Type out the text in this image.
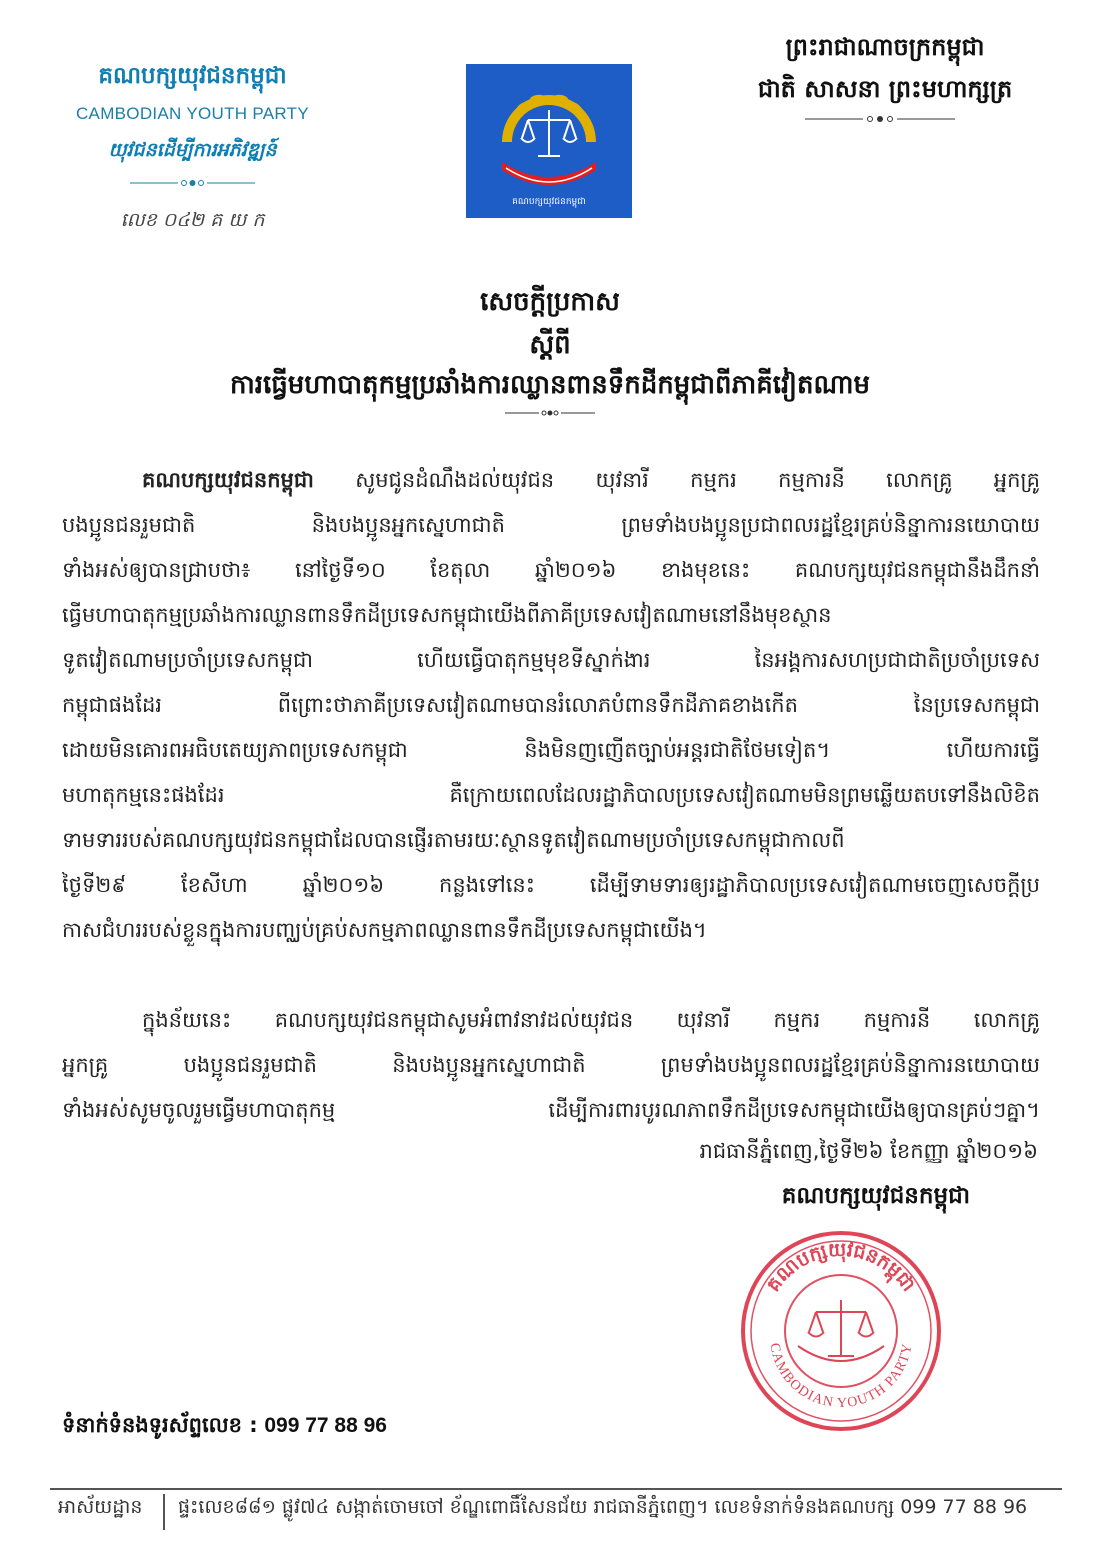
គណបក្សយុវជនកម្ពុជា
CAMBODIAN YOUTH PARTY
យុវជនដើម្បីការអភិវឌ្ឍន៍
លេខ ០៤២ គ យ ក
គណបក្សយុវជនកម្ពុជា
ព្រះរាជាណាចក្រកម្ពុជា
ជាតិ សាសនា ព្រះមហាក្សត្រ
សេចក្តីប្រកាស
ស្តីពី
ការធ្វើមហាបាតុកម្មប្រឆាំងការឈ្លានពានទឹកដីកម្ពុជាពីភាគីវៀតណាម
គណបក្សយុវជនកម្ពុជា សូមជូនដំណឹងដល់យុវជន យុវនារី កម្មករ កម្មការនី លោកគ្រូ អ្នកគ្រូ
បងប្អូនជនរួមជាតិ និងបងប្អូនអ្នកស្នេហាជាតិ ព្រមទាំងបងប្អូនប្រជាពលរដ្ឋខ្មែរគ្រប់និន្នាការនយោបាយ
ទាំងអស់ឲ្យបានជ្រាបថា៖ នៅថ្ងៃទី១០ ខែតុលា ឆ្នាំ២០១៦ ខាងមុខនេះ គណបក្សយុវជនកម្ពុជានឹងដឹកនាំ
ធ្វើមហាបាតុកម្មប្រឆាំងការឈ្លានពានទឹកដីប្រទេសកម្ពុជាយើងពីភាគីប្រទេសវៀតណាមនៅនឹងមុខស្ថាន
ទូតវៀតណាមប្រចាំប្រទេសកម្ពុជា ហើយធ្វើបាតុកម្មមុខទីស្នាក់ងារ នៃអង្គការសហប្រជាជាតិប្រចាំប្រទេស
កម្ពុជាផងដែរ ពីព្រោះថាភាគីប្រទេសវៀតណាមបានរំលោភបំពានទឹកដីភាគខាងកើត នៃប្រទេសកម្ពុជា
ដោយមិនគោរពអធិបតេយ្យភាពប្រទេសកម្ពុជា និងមិនញញើតច្បាប់អន្តរជាតិថែមទៀត។ ហើយការធ្វើ
មហាតុកម្មនេះផងដែរ គឺក្រោយពេលដែលរដ្ឋាភិបាលប្រទេសវៀតណាមមិនព្រមឆ្លើយតបទៅនឹងលិខិត
ទាមទាររបស់គណបក្សយុវជនកម្ពុជាដែលបានផ្ញើរតាមរយៈស្ថានទូតវៀតណាមប្រចាំប្រទេសកម្ពុជាកាលពី
ថ្ងៃទី២៩ ខែសីហា ឆ្នាំ២០១៦ កន្លងទៅនេះ ដើម្បីទាមទារឲ្យរដ្ឋាភិបាលប្រទេសវៀតណាមចេញសេចក្តីប្រ
កាសជំហររបស់ខ្លួនក្នុងការបញ្ឈប់គ្រប់សកម្មភាពឈ្លានពានទឹកដីប្រទេសកម្ពុជាយើង។
ក្នុងន័យនេះ គណបក្សយុវជនកម្ពុជាសូមអំពាវនាវដល់យុវជន យុវនារី កម្មករ កម្មការនី លោកគ្រូ
អ្នកគ្រូ បងប្អូនជនរួមជាតិ និងបងប្អូនអ្នកស្នេហាជាតិ ព្រមទាំងបងប្អូនពលរដ្ឋខ្មែរគ្រប់និន្នាការនយោបាយ
ទាំងអស់សូមចូលរួមធ្វើមហាបាតុកម្ម ដើម្បីការពារបូរណភាពទឹកដីប្រទេសកម្ពុជាយើងឲ្យបានគ្រប់ៗគ្នា។
រាជធានីភ្នំពេញ,ថ្ងៃទី២៦ ខែកញ្ញា ឆ្នាំ២០១៦
គណបក្សយុវជនកម្ពុជា
គណបក្សយុវជនកម្ពុជា
CAMBODIAN YOUTH PARTY
ទំនាក់ទំនងទូរស័ព្ទលេខ : 099 77 88 96
អាស័យដ្ឋាន ផ្ទះលេខ៨៨១ ផ្លូវ៧៤ សង្កាត់ចោមចៅ ខ័ណ្ឌពោធិ៍សែនជ័យ រាជធានីភ្នំពេញ។ លេខទំនាក់ទំនងគណបក្ស 099 77 88 96
